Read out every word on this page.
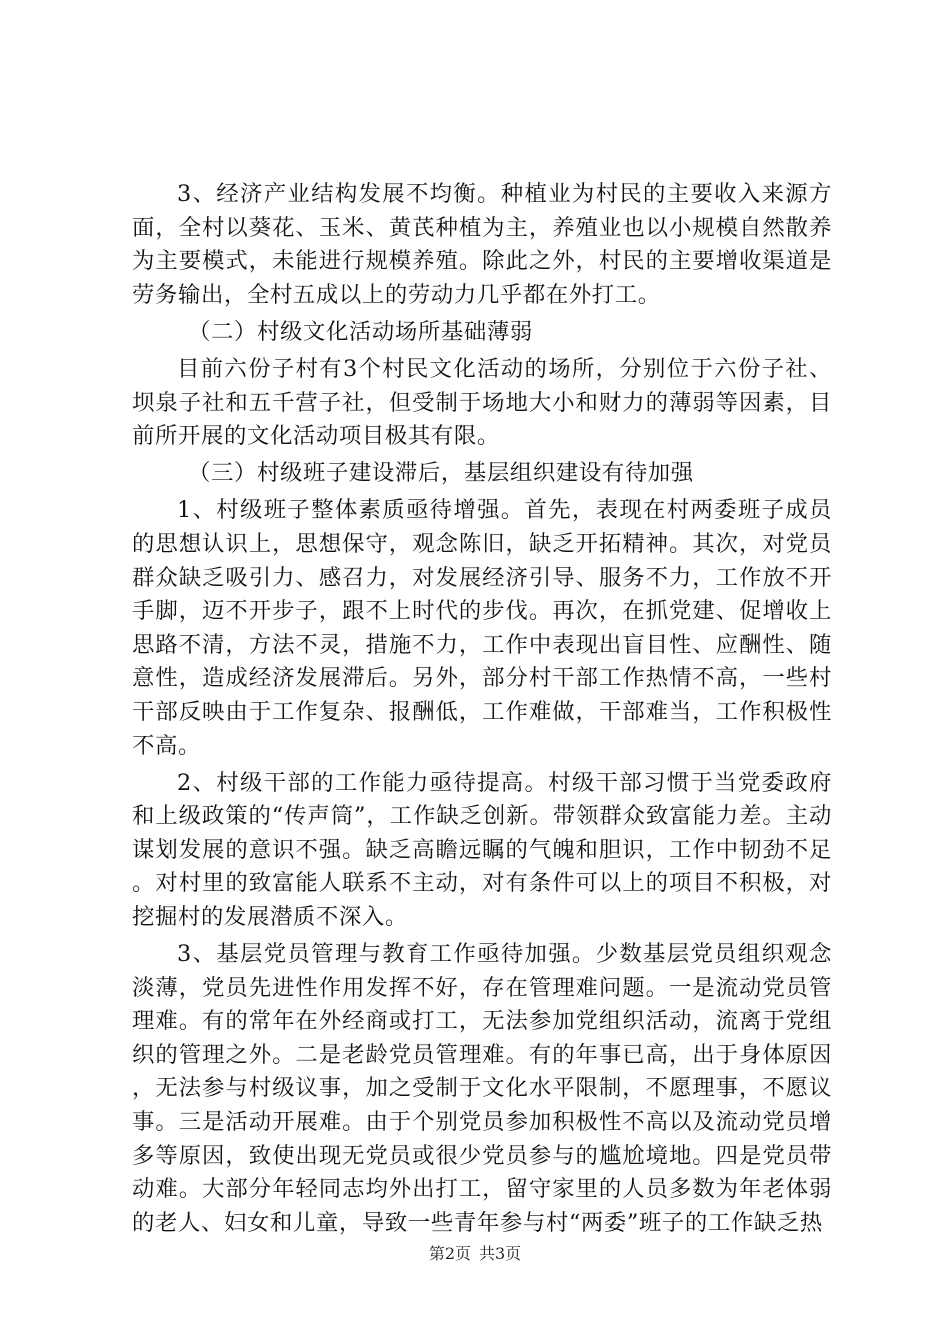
3、经济产业结构发展不均衡。种植业为村民的主要收入来源方面，全村以葵花、玉米、黄芪种植为主，养殖业也以小规模自然散养为主要模式，未能进行规模养殖。除此之外，村民的主要增收渠道是劳务输出，全村五成以上的劳动力几乎都在外打工。

（二）村级文化活动场所基础薄弱

目前六份子村有3个村民文化活动的场所，分别位于六份子社、坝泉子社和五千营子社，但受制于场地大小和财力的薄弱等因素，目前所开展的文化活动项目极其有限。

（三）村级班子建设滞后，基层组织建设有待加强

1、村级班子整体素质亟待增强。首先，表现在村两委班子成员的思想认识上，思想保守，观念陈旧，缺乏开拓精神。其次，对党员群众缺乏吸引力、感召力，对发展经济引导、服务不力，工作放不开手脚，迈不开步子，跟不上时代的步伐。再次，在抓党建、促增收上思路不清，方法不灵，措施不力，工作中表现出盲目性、应酬性、随意性，造成经济发展滞后。另外，部分村干部工作热情不高，一些村干部反映由于工作复杂、报酬低，工作难做，干部难当，工作积极性不高。

2、村级干部的工作能力亟待提高。村级干部习惯于当党委政府和上级政策的“传声筒”，工作缺乏创新。带领群众致富能力差。主动谋划发展的意识不强。缺乏高瞻远瞩的气魄和胆识，工作中韧劲不足。对村里的致富能人联系不主动，对有条件可以上的项目不积极，对挖掘村的发展潜质不深入。

3、基层党员管理与教育工作亟待加强。少数基层党员组织观念淡薄，党员先进性作用发挥不好，存在管理难问题。一是流动党员管理难。有的常年在外经商或打工，无法参加党组织活动，流离于党组织的管理之外。二是老龄党员管理难。有的年事已高，出于身体原因，无法参与村级议事，加之受制于文化水平限制，不愿理事，不愿议事。三是活动开展难。由于个别党员参加积极性不高以及流动党员增多等原因，致使出现无党员或很少党员参与的尴尬境地。四是党员带动难。大部分年轻同志均外出打工，留守家里的人员多数为年老体弱的老人、妇女和儿童，导致一些青年参与村“两委”班子的工作缺乏热

第2页 共3页
